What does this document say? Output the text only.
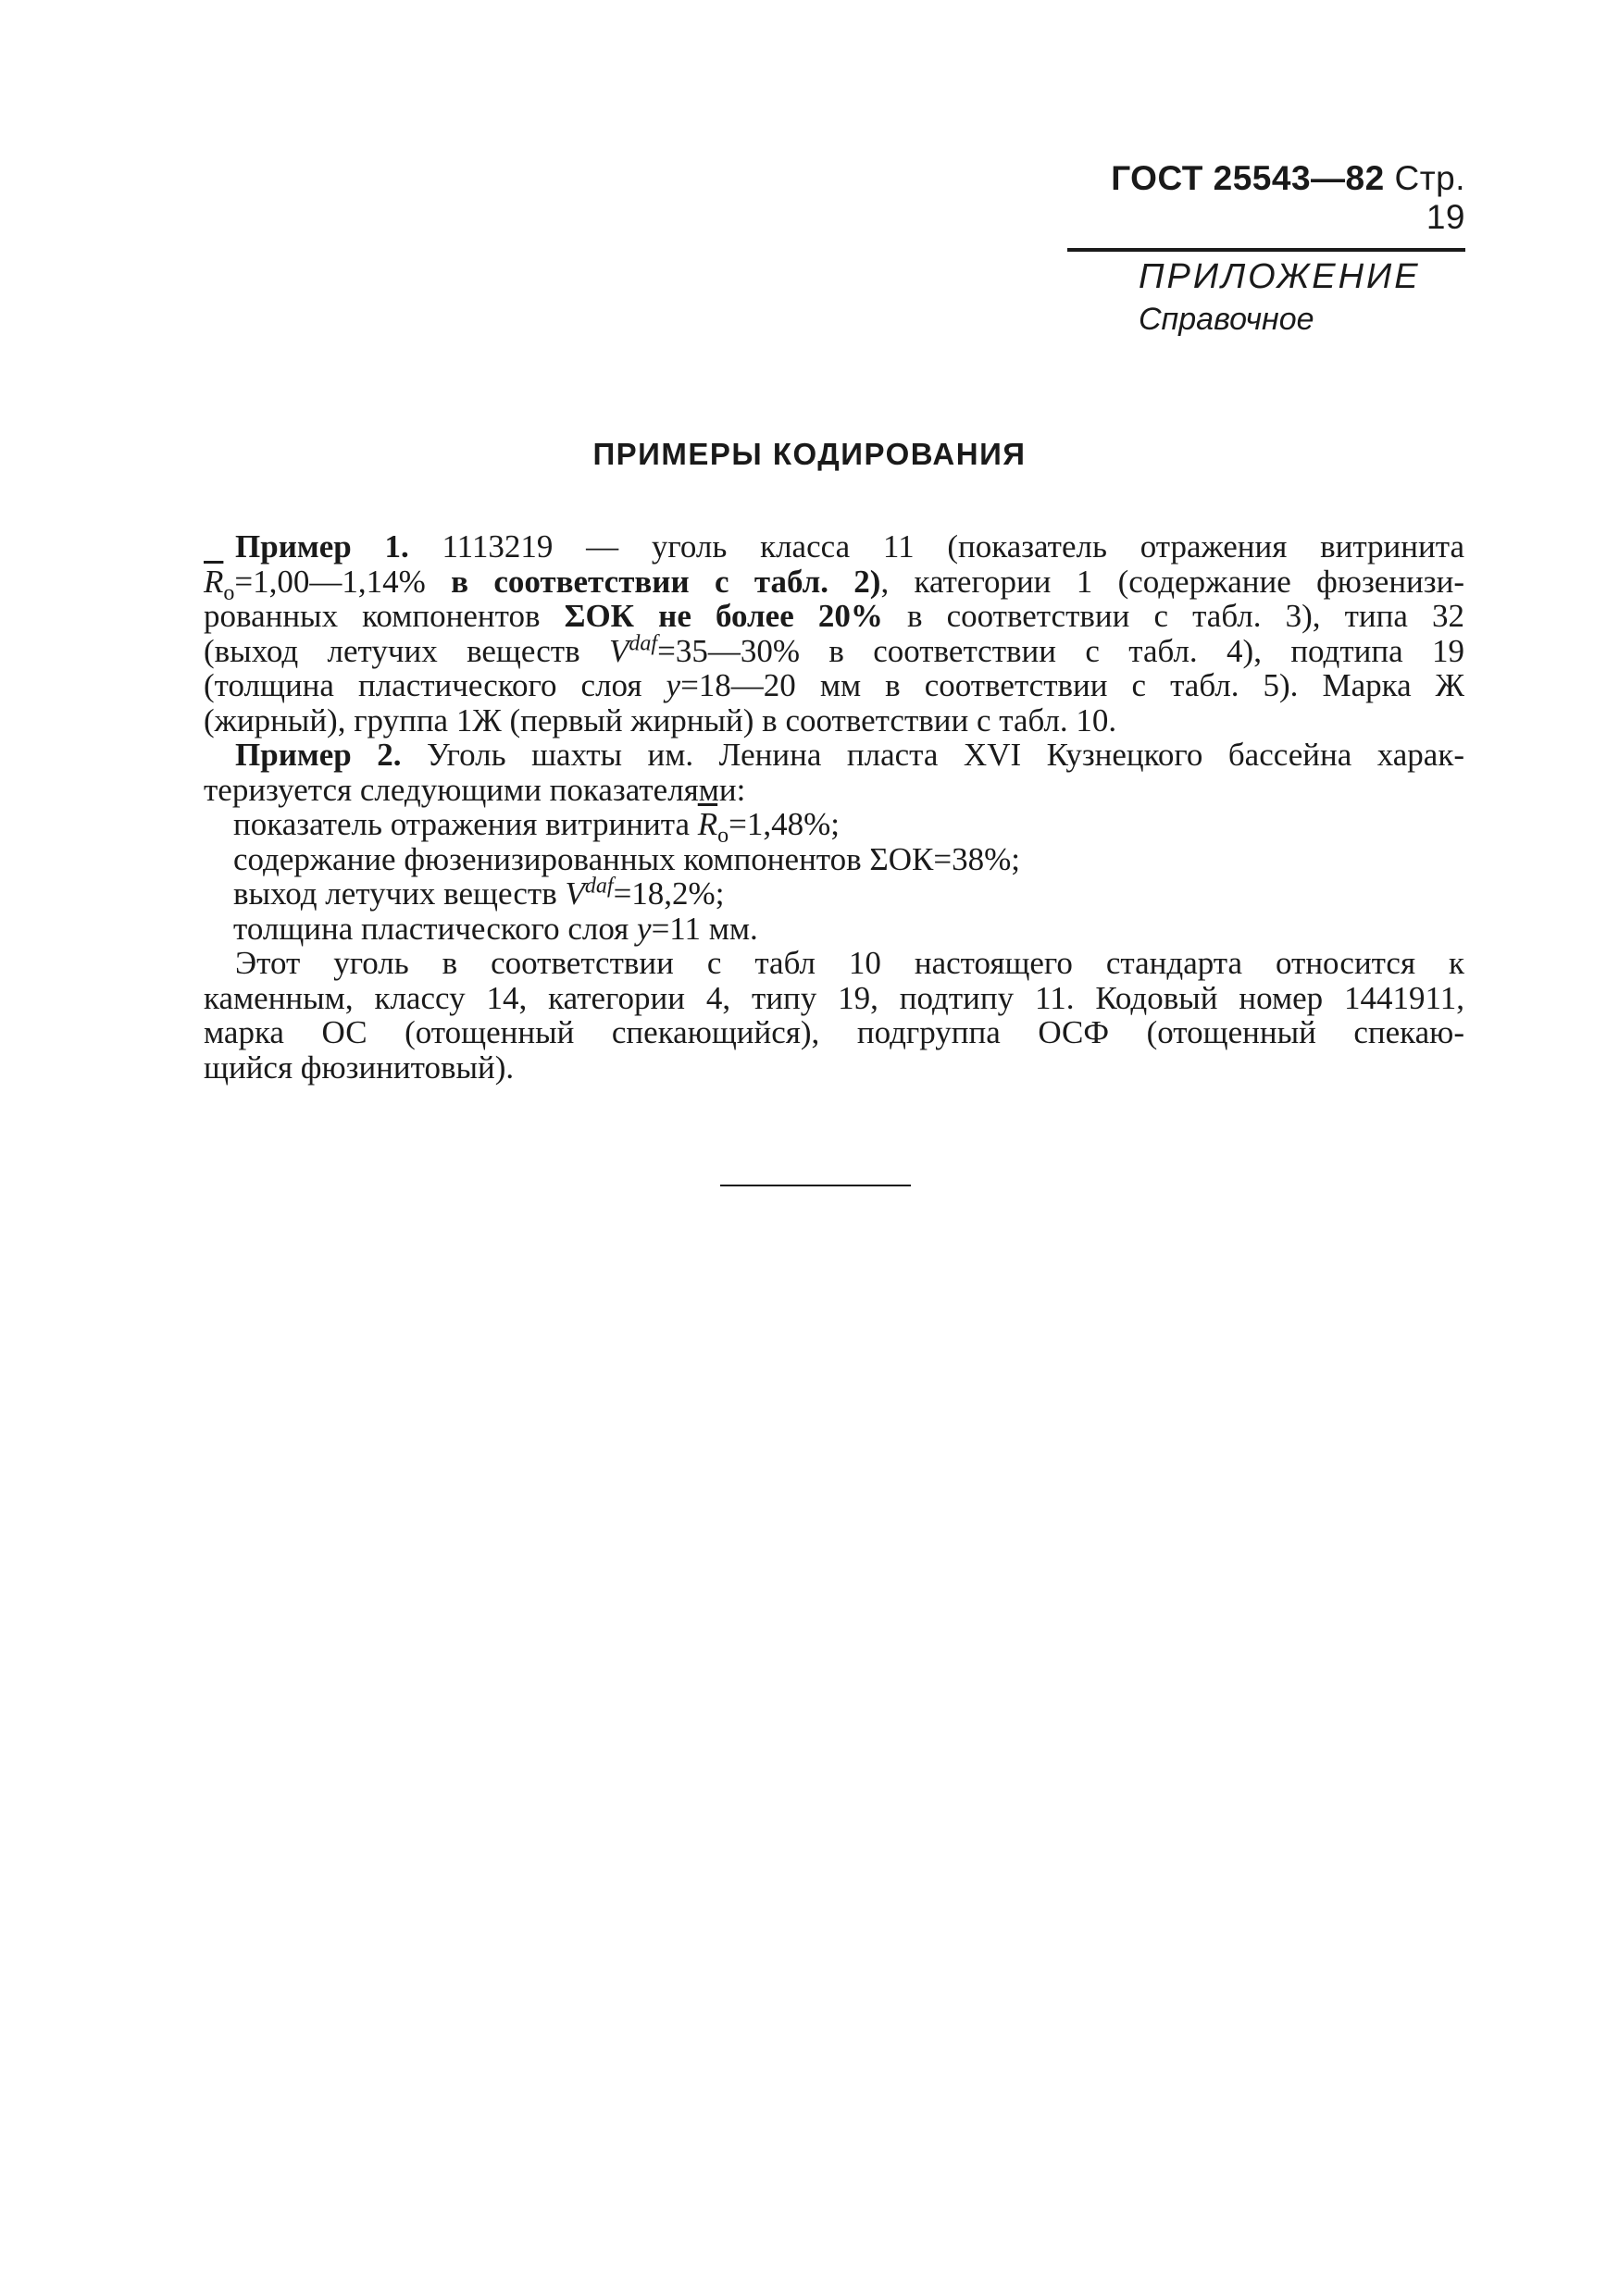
ГОСТ 25543—82 Стр. 19
ПРИЛОЖЕНИЕ
Справочное
ПРИМЕРЫ КОДИРОВАНИЯ
Пример 1. 1113219 — уголь класса 11 (показатель отражения витринита
$\overline{R}_o=1,00—1,14\%$ в соответствии с табл. 2), категории 1 (содержание фюзенизи-
рованных компонентов ΣОК не более 20% в соответствии с табл. 3), типа 32
(выход летучих веществ $V^{daf}=35—30\%$ в соответствии с табл. 4), подтипа 19
(толщина пластического слоя y=18—20 мм в соответствии с табл. 5). Марка Ж
(жирный), группа 1Ж (первый жирный) в соответствии с табл. 10.
Пример 2. Уголь шахты им. Ленина пласта XVI Кузнецкого бассейна харак-
теризуется следующими показателями:
показатель отражения витринита $\overline{R}_o=1,48\%$;
содержание фюзенизированных компонентов ΣОК=38%;
выход летучих веществ $V^{daf}=18,2\%$;
толщина пластического слоя y=11 мм.
Этот уголь в соответствии с табл 10 настоящего стандарта относится к
каменным, классу 14, категории 4, типу 19, подтипу 11. Кодовый номер 1441911,
марка ОС (отощенный спекающийся), подгруппа ОСФ (отощенный спекаю-
щийся фюзинитовый).
